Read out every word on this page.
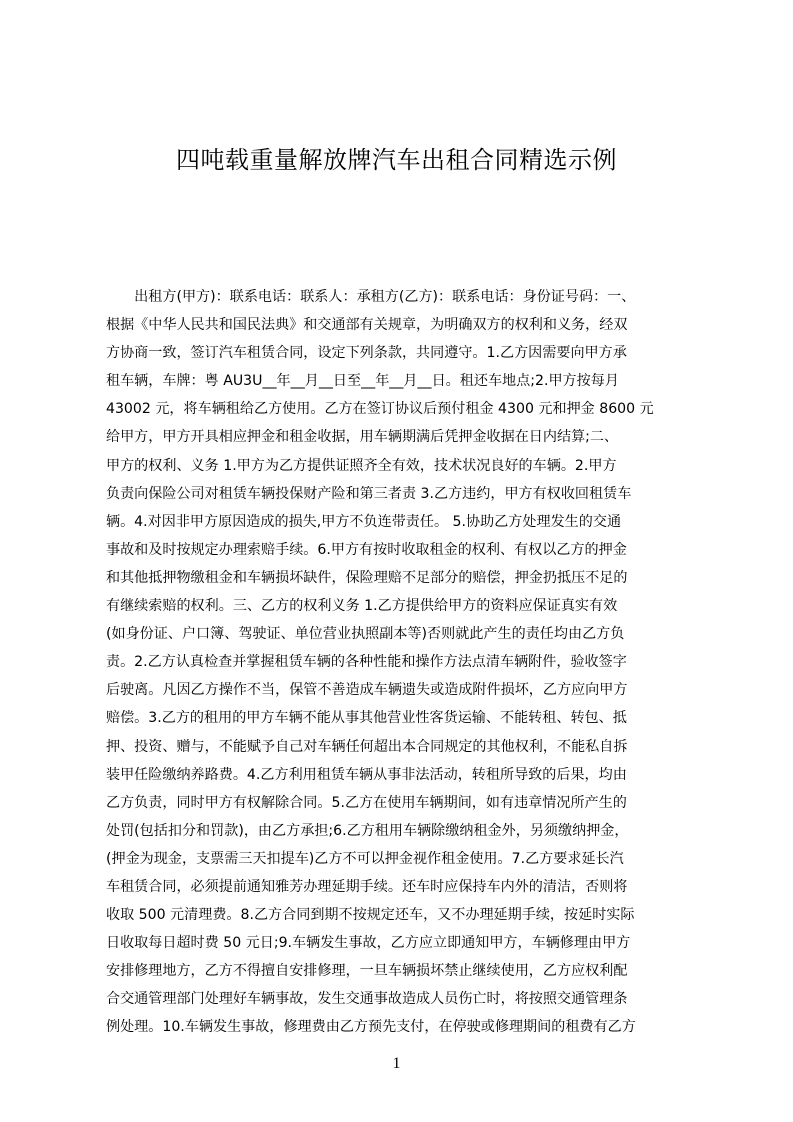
四吨载重量解放牌汽车出租合同精选示例
　　出租方(甲方)：联系电话：联系人：承租方(乙方)：联系电话：身份证号码：一、
根据《中华人民共和国民法典》和交通部有关规章，为明确双方的权利和义务，经双
方协商一致，签订汽车租赁合同，设定下列条款，共同遵守。1.乙方因需要向甲方承
租车辆，车牌：粤 AU3U__年__月__日至__年__月__日。租还车地点;2.甲方按每月
43002 元，将车辆租给乙方使用。乙方在签订协议后预付租金 4300 元和押金 8600 元
给甲方，甲方开具相应押金和租金收据，用车辆期满后凭押金收据在日内结算;二、
甲方的权利、义务 1.甲方为乙方提供证照齐全有效，技术状况良好的车辆。2.甲方
负责向保险公司对租赁车辆投保财产险和第三者责 3.乙方违约，甲方有权收回租赁车
辆。4.对因非甲方原因造成的损失,甲方不负连带责任。 5.协助乙方处理发生的交通
事故和及时按规定办理索赔手续。6.甲方有按时收取租金的权利、有权以乙方的押金
和其他抵押物缴租金和车辆损坏缺件，保险理赔不足部分的赔偿，押金扔抵压不足的
有继续索赔的权利。三、乙方的权利义务 1.乙方提供给甲方的资料应保证真实有效
(如身份证、户口簿、驾驶证、单位营业执照副本等)否则就此产生的责任均由乙方负
责。2.乙方认真检查并掌握租赁车辆的各种性能和操作方法点清车辆附件，验收签字
后驶离。凡因乙方操作不当，保管不善造成车辆遗失或造成附件损坏，乙方应向甲方
赔偿。3.乙方的租用的甲方车辆不能从事其他营业性客货运输、不能转租、转包、抵
押、投资、赠与，不能赋予自己对车辆任何超出本合同规定的其他权利，不能私自拆
装甲任险缴纳养路费。4.乙方利用租赁车辆从事非法活动，转租所导致的后果，均由
乙方负责，同时甲方有权解除合同。5.乙方在使用车辆期间，如有违章情况所产生的
处罚(包括扣分和罚款)，由乙方承担;6.乙方租用车辆除缴纳租金外，另须缴纳押金，
(押金为现金，支票需三天扣提车)乙方不可以押金视作租金使用。7.乙方要求延长汽
车租赁合同，必须提前通知雅芳办理延期手续。还车时应保持车内外的清洁，否则将
收取 500 元清理费。8.乙方合同到期不按规定还车，又不办理延期手续，按延时实际
日收取每日超时费 50 元日;9.车辆发生事故，乙方应立即通知甲方，车辆修理由甲方
安排修理地方，乙方不得擅自安排修理，一旦车辆损坏禁止继续使用，乙方应权利配
合交通管理部门处理好车辆事故，发生交通事故造成人员伤亡时，将按照交通管理条
例处理。10.车辆发生事故，修理费由乙方预先支付，在停驶或修理期间的租费有乙方
1
